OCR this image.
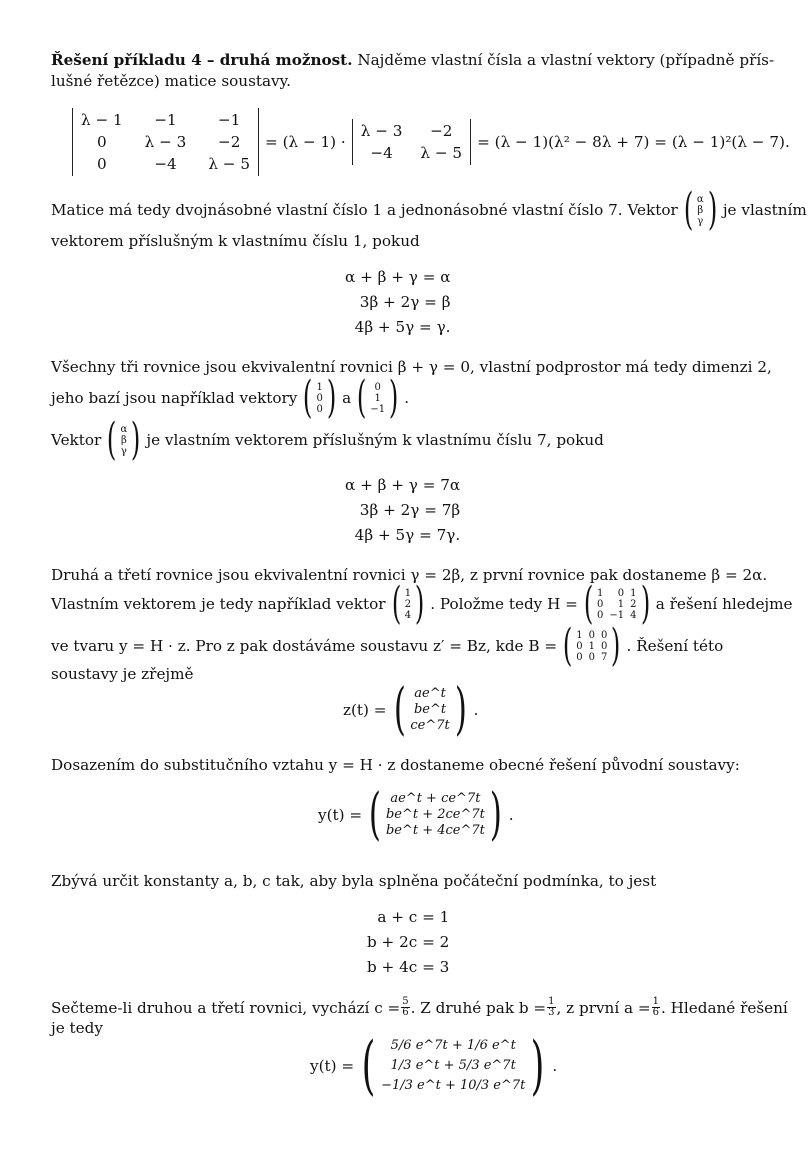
Řešení příkladu 4 – druhá možnost. Najděme vlastní čísla a vlastní vektory (případně přís-
lušné řetězce) matice soustavy.
λ − 1	−1	−1
0	λ − 3	−2
0	−4	λ − 5
= (λ − 1) ·
λ − 3	−2
−4	λ − 5
= (λ − 1)(λ² − 8λ + 7) = (λ − 1)²(λ − 7).
Matice má tedy dvojnásobné vlastní číslo 1 a jednonásobné vlastní číslo 7. Vektor ( α
β
γ ) je vlastním
vektorem příslušným k vlastnímu číslu 1, pokud
α + β + γ = α
3β + 2γ = β
4β + 5γ = γ.
Všechny tři rovnice jsou ekvivalentní rovnici β + γ = 0, vlastní podprostor má tedy dimenzi 2,
jeho bazí jsou například vektory ( 1
0
0 ) a ( 0
1
−1 ) .
Vektor ( α
β
γ ) je vlastním vektorem příslušným k vlastnímu číslu 7, pokud
α + β + γ = 7α
3β + 2γ = 7β
4β + 5γ = 7γ.
Druhá a třetí rovnice jsou ekvivalentní rovnici γ = 2β, z první rovnice pak dostaneme β = 2α.
Vlastním vektorem je tedy například vektor ( 1
2
4 ) . Položme tedy H = ( 1	0 1
0	1 2
0 −1 4 ) a řešení hledejme
ve tvaru y = H · z. Pro z pak dostáváme soustavu z′ = Bz, kde B = ( 1 0 0
0 1 0
0 0 7 ) . Řešení této
soustavy je zřejmě
z(t) = ( ae^t
be^t
ce^7t ) .
Dosazením do substitučního vztahu y = H · z dostaneme obecné řešení původní soustavy:
y(t) = ( ae^t + ce^7t
be^t + 2ce^7t
be^t + 4ce^7t ) .
Zbývá určit konstanty a, b, c tak, aby byla splněna počáteční podmínka, to jest
a + c = 1
b + 2c = 2
b + 4c = 3
Sečteme-li druhou a třetí rovnici, vychází $c = \frac{5}{6}$ . Z druhé pak $b = \frac{1}{3}$ , z první $a = \frac{1}{6}$ . Hledané řešení
je tedy
y(t) = ( 5/6 e^7t + 1/6 e^t
1/3 e^t + 5/3 e^7t
−1/3 e^t + 10/3 e^7t ) .
